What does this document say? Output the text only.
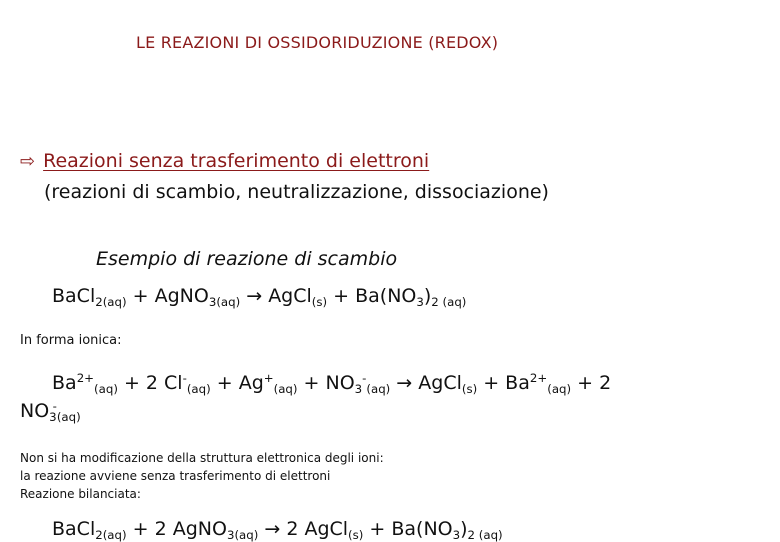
LE REAZIONI DI OSSIDORIDUZIONE (REDOX)
⇨ Reazioni senza trasferimento di elettroni
(reazioni di scambio, neutralizzazione, dissociazione)
Esempio di reazione di scambio
BaCl$_{2(aq)}$ + AgNO$_{3(aq)}$ → AgCl$_{(s)}$ + $Ba(NO_3)_{2 (aq)}$
In forma ionica:
$Ba^{2+}_{(aq)} + 2$ $Cl^-_{(aq)} + Ag^+_{(aq)} + NO_3^-_{(aq)}$ → AgCl$_{(s)}$ + $Ba^{2+}_{(aq)} + 2$
$NO_3^-_{(aq)}$
Non si ha modificazione della struttura elettronica degli ioni:
la reazione avviene senza trasferimento di elettroni
Reazione bilanciata:
BaCl$_{2(aq)}$ + 2 AgNO$_{3(aq)}$ → 2 AgCl$_{(s)}$ + $Ba(NO_3)_{2 (aq)}$
